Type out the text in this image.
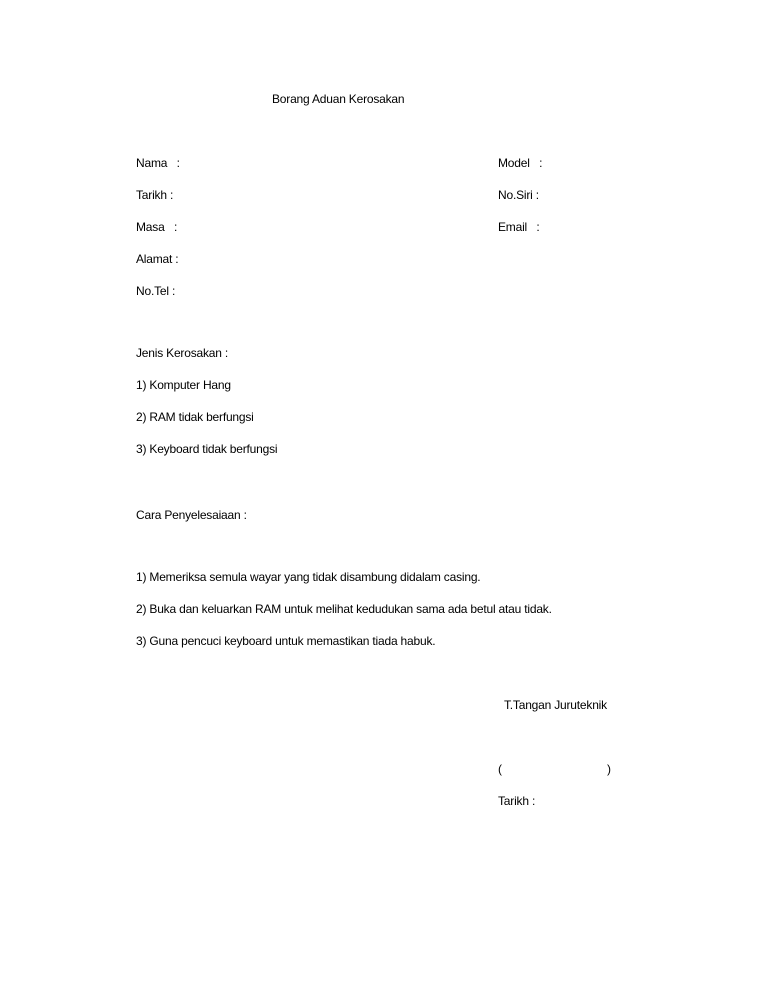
Borang Aduan Kerosakan
Nama   :
Tarikh :
Masa   :
Alamat :
No.Tel :
Model   :
No.Siri :
Email   :
Jenis Kerosakan :
1) Komputer Hang
2) RAM tidak berfungsi
3) Keyboard tidak berfungsi
Cara Penyelesaiaan :
1) Memeriksa semula wayar yang tidak disambung didalam casing.
2) Buka dan keluarkan RAM untuk melihat kedudukan sama ada betul atau tidak.
3) Guna pencuci keyboard untuk memastikan tiada habuk.
T.Tangan Juruteknik
(	)
Tarikh :
